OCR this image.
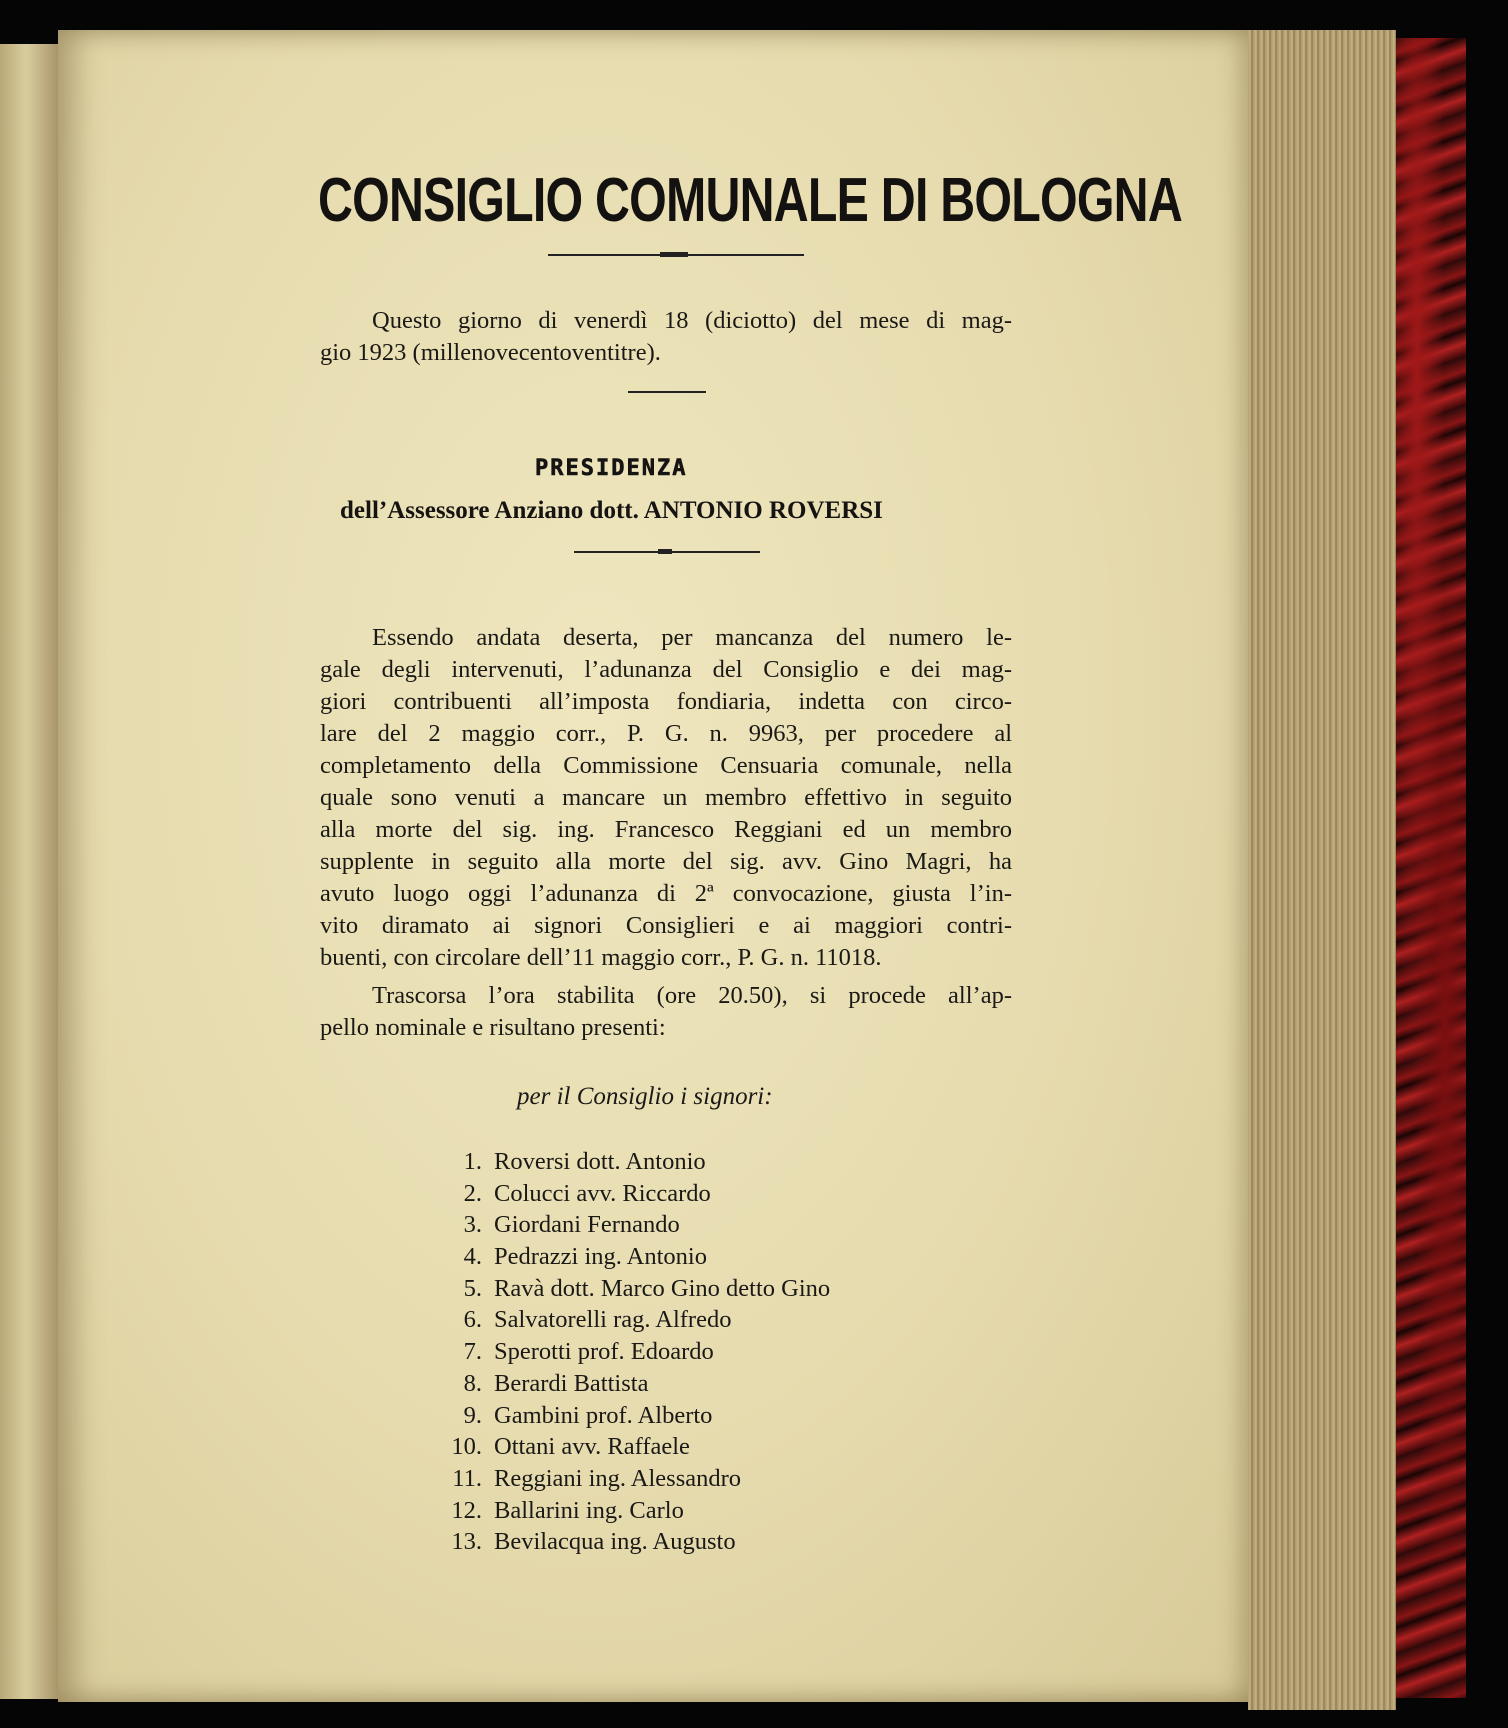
CONSIGLIO COMUNALE DI BOLOGNA
Questo giorno di venerdì 18 (diciotto) del mese di mag-
gio 1923 (millenovecentoventitre).

PRESIDENZA

dell’Assessore Anziano dott. ANTONIO ROVERSI

Essendo andata deserta, per mancanza del numero le-
gale degli intervenuti, l’adunanza del Consiglio e dei mag-
giori contribuenti all’imposta fondiaria, indetta con circo-
lare del 2 maggio corr., P. G. n. 9963, per procedere al
completamento della Commissione Censuaria comunale, nella
quale sono venuti a mancare un membro effettivo in seguito
alla morte del sig. ing. Francesco Reggiani ed un membro
supplente in seguito alla morte del sig. avv. Gino Magri, ha
avuto luogo oggi l’adunanza di 2ª convocazione, giusta l’in-
vito diramato ai signori Consiglieri e ai maggiori contri-
buenti, con circolare dell’11 maggio corr., P. G. n. 11018.
Trascorsa l’ora stabilita (ore 20.50), si procede all’ap-
pello nominale e risultano presenti:

per il Consiglio i signori:

1. Roversi dott. Antonio
2. Colucci avv. Riccardo
3. Giordani Fernando
4. Pedrazzi ing. Antonio
5. Ravà dott. Marco Gino detto Gino
6. Salvatorelli rag. Alfredo
7. Sperotti prof. Edoardo
8. Berardi Battista
9. Gambini prof. Alberto
10. Ottani avv. Raffaele
11. Reggiani ing. Alessandro
12. Ballarini ing. Carlo
13. Bevilacqua ing. Augusto
